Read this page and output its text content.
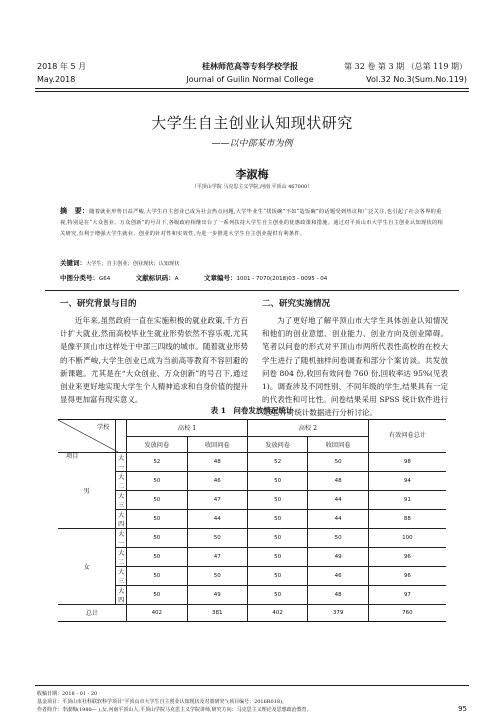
2018 年 5 月
May.2018
桂林师范高等专科学校学报
Journal of Guilin Normal College
第 32 卷 第 3 期 （总第 119 期）
Vol.32 No.3(Sum.No.119)
大学生自主创业认知现状研究
——以中部某市为例
李淑梅
（平顶山学院 马克思主义学院,河南 平顶山 467000）
摘　要：随着就业形势日益严峻,大学生自主创业已成为社会热点问题,大学毕业生“找饭碗”不如“造饭碗”的话题受到热议和广泛关注,也引起了社会各界的重视,特别是在“大众创业、万众创新”的号召下,各级政府相继出台了一系列扶持大学生自主创业的优惠政策和措施。通过对平顶山市大学生自主创业认知现状的相关研究,有利于增强大学生就业、创业的针对性和实效性,为进一步推进大学生自主创业提供有利条件。
关键词：大学生；自主创业；创业现状；认知现状
中图分类号：G64	文献标识码：A	文章编号：1001 - 7070(2018)03 - 0095 - 04
一、研究背景与目的
近年来,虽然政府一直在实施积极的就业政策,千方百计扩大就业,然而高校毕业生就业形势依然不容乐观,尤其是像平顶山市这样处于中部三四线的城市。随着就业形势的不断严峻,大学生创业已成为当前高等教育不容回避的新课题。尤其是在“大众创业、万众创新”的号召下,通过创业来更好地实现大学生个人精神追求和自身价值的提升显得更加富有现实意义。
二、研究实施情况
为了更好地了解平顶山市大学生具体创业认知情况和他们的创业意愿、创业能力、创业方向及创业障碍。笔者以问卷的形式对平顶山市两所代表性高校的在校大学生进行了随机抽样问卷调查和部分个案访谈。共发放问卷 804 份,收回有效问卷 760 份,回收率达 95%(见表 1)。调查涉及不同性别、不同年级的学生,结果具有一定的代表性和可比性。问卷结果采用 SPSS 统计软件进行处理,并对统计数据进行分析讨论。
表 1　问卷发放情况统计
学校
项目		高校 1		高校 2		有效问卷总计
		发放问卷	收回问卷	发放问卷	收回问卷	
男	大一	52	48	52	50	98
	大二	50	46	50	48	94
	大三	50	47	50	44	91
	大四	50	44	50	44	88
女	大一	50	50	50	50	100
	大二	50	47	50	49	96
	大三	50	50	50	46	96
	大四	50	49	50	48	97
总计		402	381	402	379	760
收稿日期：2018 - 01 - 20
基金项目：平顶山市社科联软科学项目“平顶山市大学生自主创业认知现状及对策研究”(项目编号：2016R018)。
作者简介：李淑梅(1980— ),女,河南平顶山人,平顶山学院马克思主义学院讲师,研究方向：马克思主义理论及思想政治教育。	95
